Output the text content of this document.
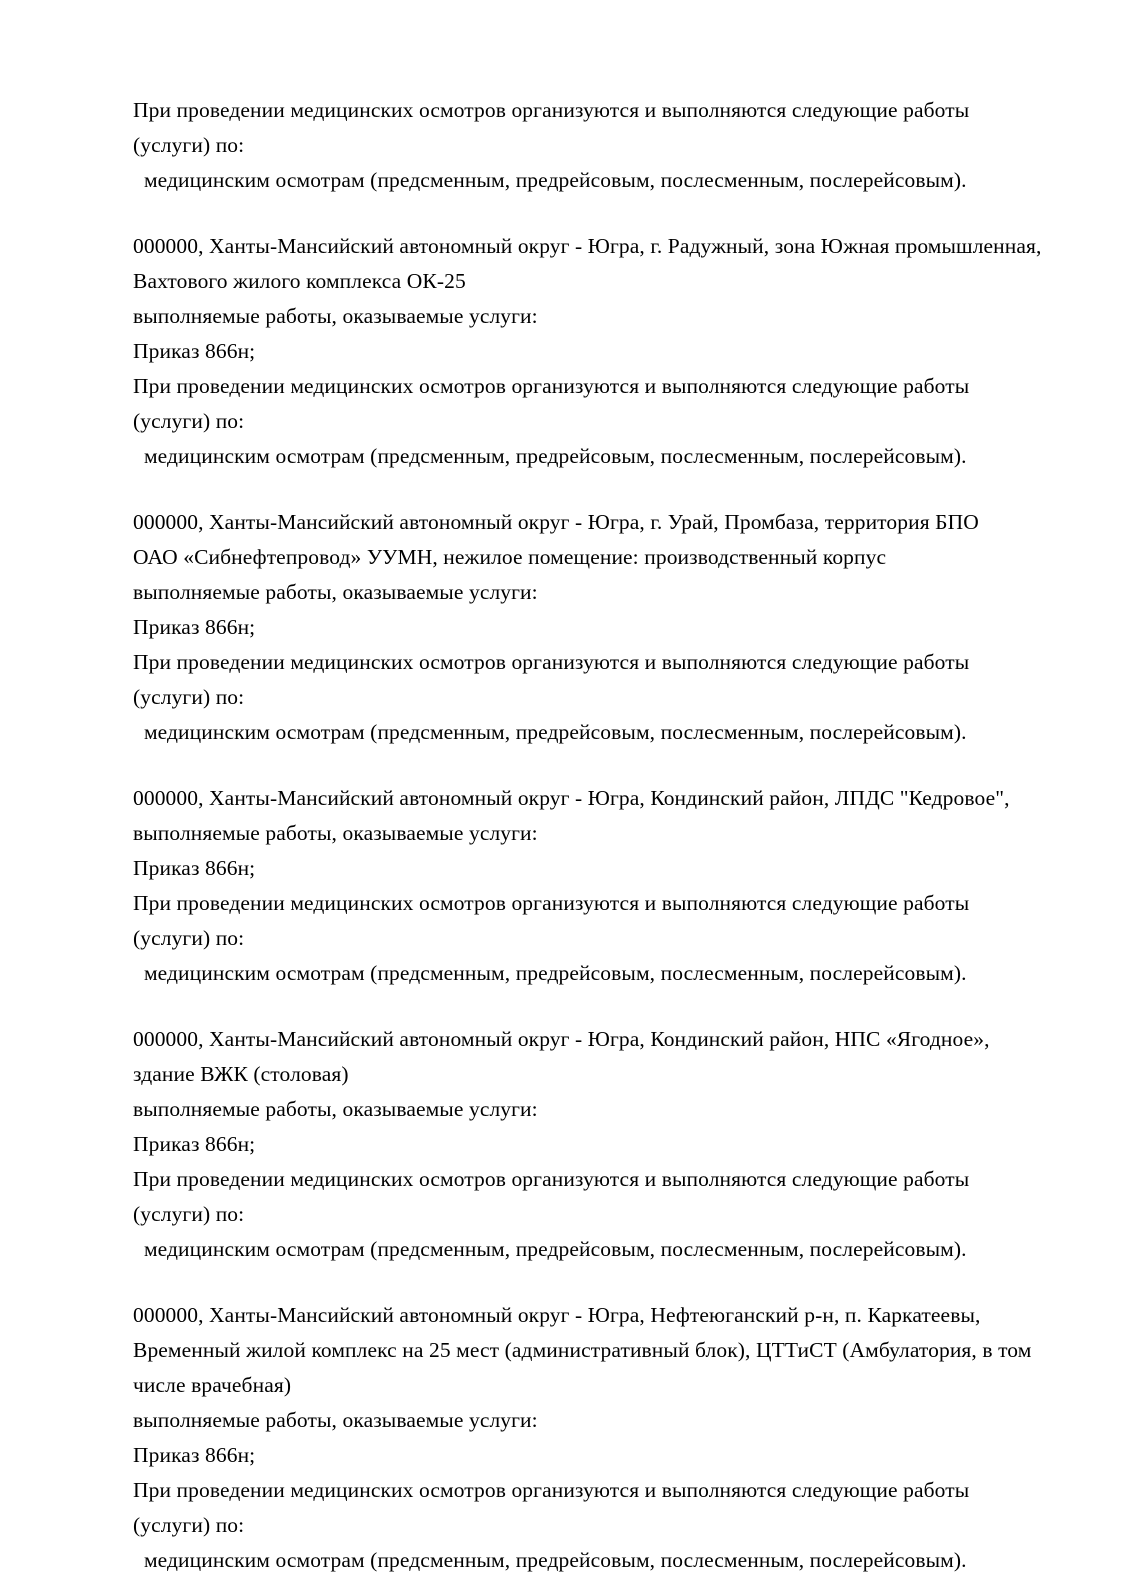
При проведении медицинских осмотров организуются и выполняются следующие работы
(услуги) по:
медицинским осмотрам (предсменным, предрейсовым, послесменным, послерейсовым).
000000, Ханты-Мансийский автономный округ - Югра, г. Радужный, зона Южная промышленная,
Вахтового жилого комплекса ОК-25
выполняемые работы, оказываемые услуги:
Приказ 866н;
При проведении медицинских осмотров организуются и выполняются следующие работы
(услуги) по:
медицинским осмотрам (предсменным, предрейсовым, послесменным, послерейсовым).
000000, Ханты-Мансийский автономный округ - Югра, г. Урай, Промбаза, территория БПО
ОАО «Сибнефтепровод» УУМН, нежилое помещение: производственный корпус
выполняемые работы, оказываемые услуги:
Приказ 866н;
При проведении медицинских осмотров организуются и выполняются следующие работы
(услуги) по:
медицинским осмотрам (предсменным, предрейсовым, послесменным, послерейсовым).
000000, Ханты-Мансийский автономный округ - Югра, Кондинский район, ЛПДС "Кедровое",
выполняемые работы, оказываемые услуги:
Приказ 866н;
При проведении медицинских осмотров организуются и выполняются следующие работы
(услуги) по:
медицинским осмотрам (предсменным, предрейсовым, послесменным, послерейсовым).
000000, Ханты-Мансийский автономный округ - Югра, Кондинский район, НПС «Ягодное»,
здание ВЖК (столовая)
выполняемые работы, оказываемые услуги:
Приказ 866н;
При проведении медицинских осмотров организуются и выполняются следующие работы
(услуги) по:
медицинским осмотрам (предсменным, предрейсовым, послесменным, послерейсовым).
000000, Ханты-Мансийский автономный округ - Югра, Нефтеюганский р-н, п. Каркатеевы,
Временный жилой комплекс на 25 мест (административный блок), ЦТТиСТ (Амбулатория, в том
числе врачебная)
выполняемые работы, оказываемые услуги:
Приказ 866н;
При проведении медицинских осмотров организуются и выполняются следующие работы
(услуги) по:
медицинским осмотрам (предсменным, предрейсовым, послесменным, послерейсовым).
